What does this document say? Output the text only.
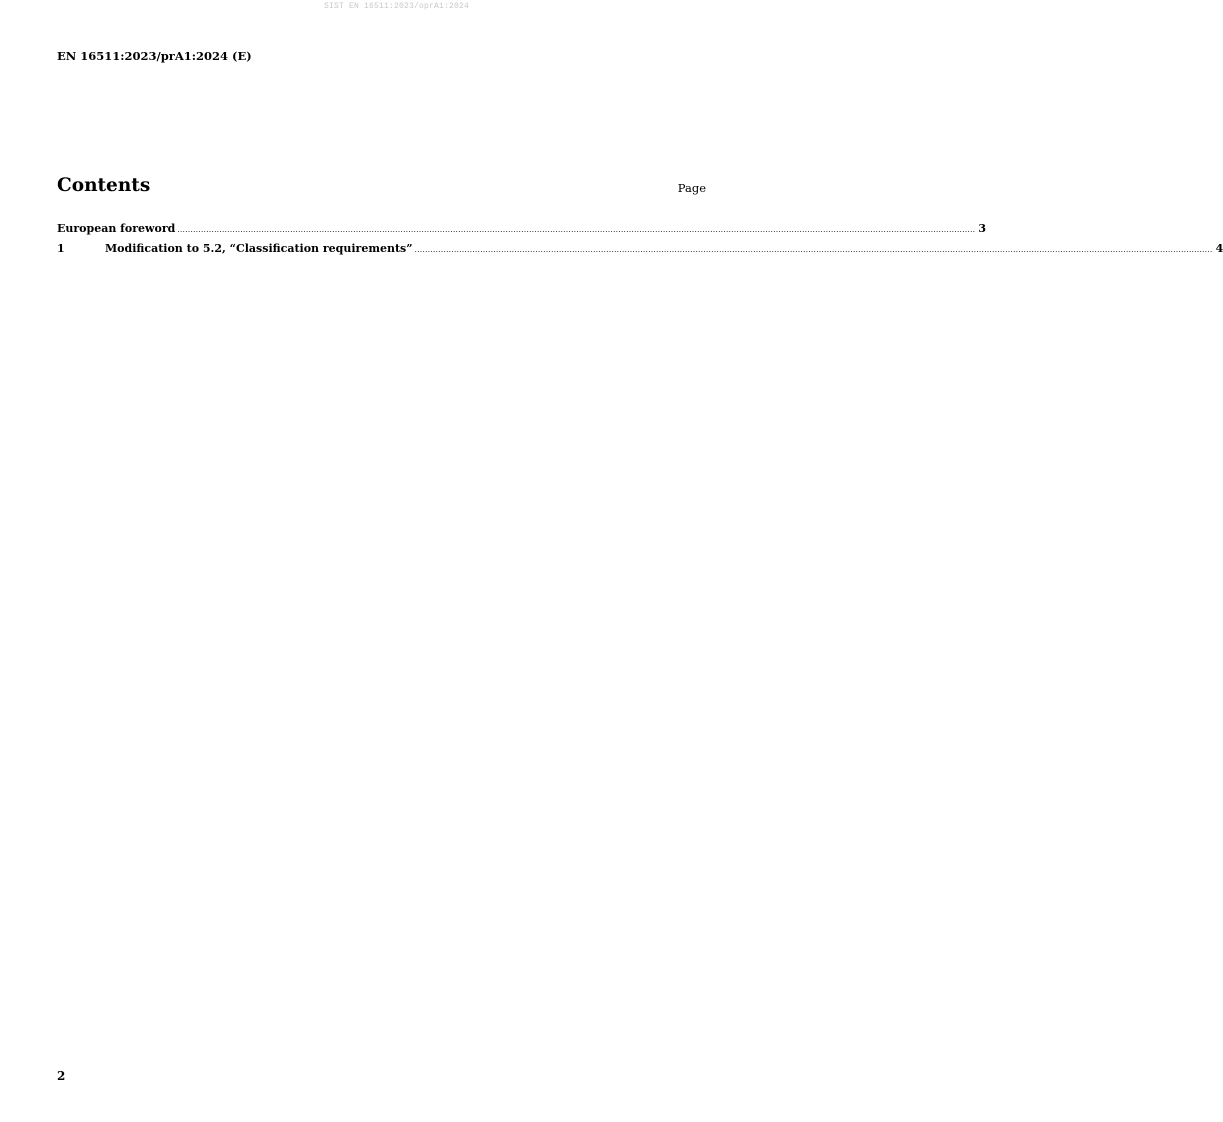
SIST EN 16511:2023/oprA1:2024
EN 16511:2023/prA1:2024 (E)
Contents	Page
European foreword ................................................................................................................................................................................................................................................................................................................ 3
1	Modification to 5.2, “Classification requirements” ................................................................................................................................................................................................................................................................................................................ 4
2
